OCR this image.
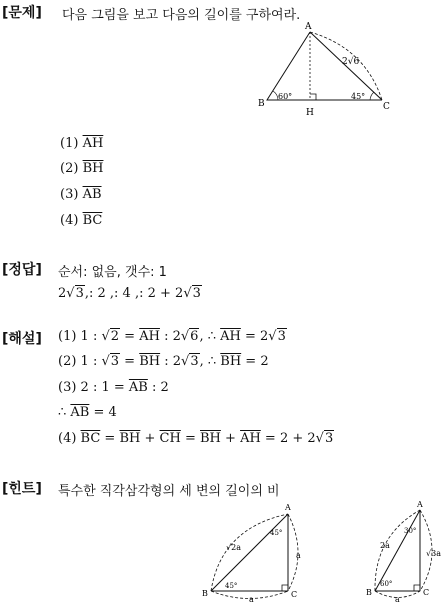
[문제] 다음 그림을 보고 다음의 길이를 구하여라.
A
B	C
H
60°	45°
2√6
(1) $\overline{AH}$
(2) $\overline{BH}$
(3) $\overline{AB}$
(4) $\overline{BC}$
[정답] 순서: 없음, 갯수: 1
2√3,: 2 ,: 4 ,: 2 + 2√3
[해설] (1) 1 : $√2 = \overline{AH}$ : 2√6, ∴ $\overline{AH} = 2√3$
(2) 1 : $√3 = \overline{BH}$ : 2√3, ∴ $\overline{BH} = 2$
(3) 2 : $1 = \overline{AB}$ : 2
∴ $\overline{AB} = 4$
(4) $\overline{BC} = \overline{BH} + \overline{CH} = \overline{BH} + \overline{AH} = 2 + 2√3$
[힌트] 특수한 직각삼각형의 세 변의 길이의 비
A
B	C
√2a
45°
45°
a
a
A
B	C
2a
30°
60°
√3a
a
